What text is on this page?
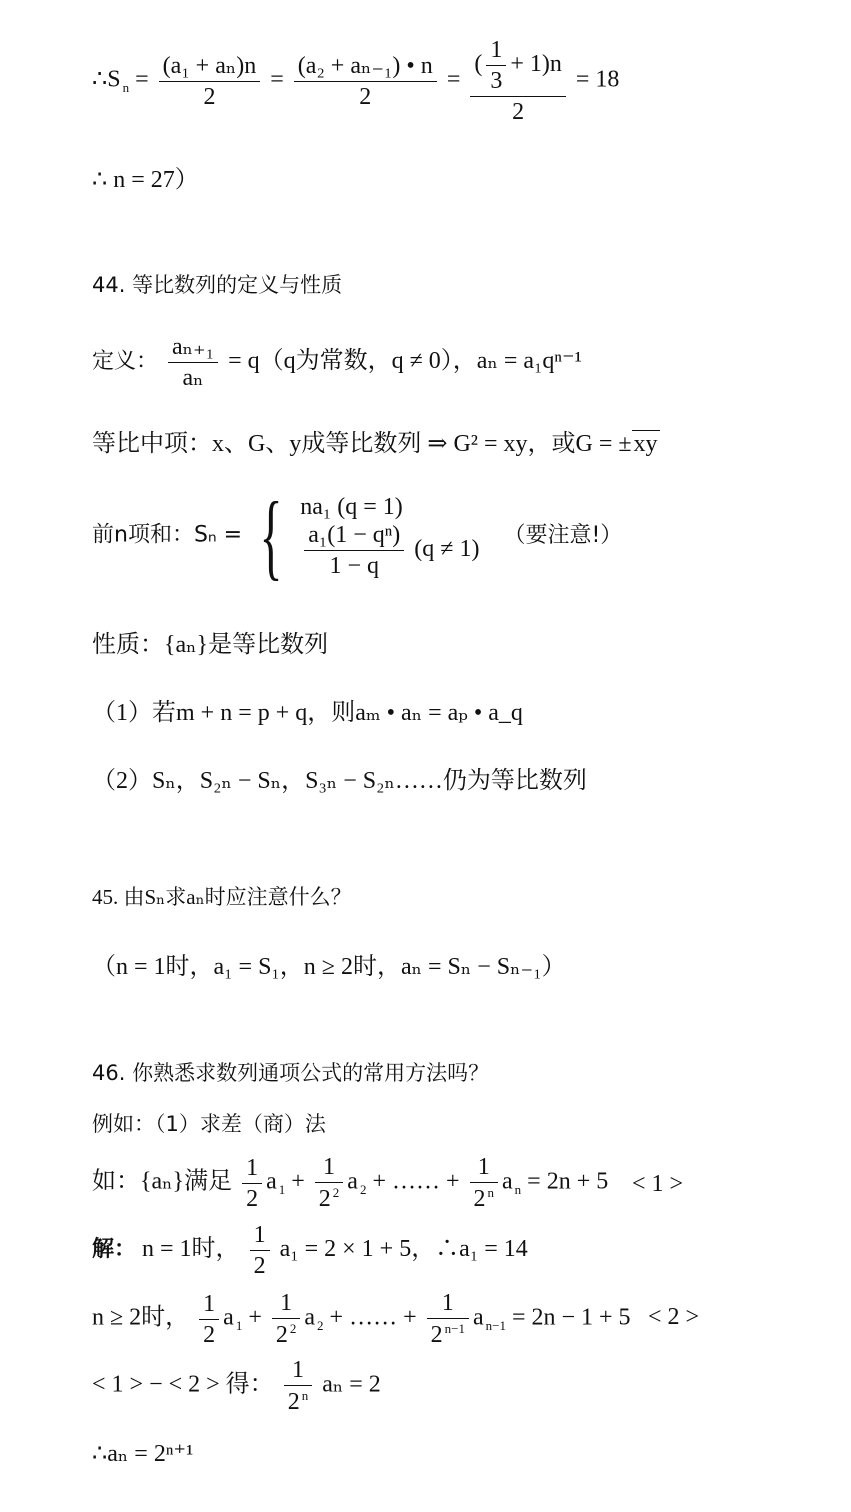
∴S $_n = \frac{\text{(a₁ + aₙ)n}}{2} = \frac{\text{(a₂ + aₙ₋₁) • n}}{2} = \frac{( \frac{1}{3} + 1)n}{2} = 18$
∴ n = 27）
44. 等比数列的定义与性质
定义： $\frac{\text{aₙ₊₁}}{\text{aₙ}} = q(q$为常数，q ≠ 0），aₙ = a₁qⁿ⁻¹
等比中项：x、G、y成等比数列 ⇒ G² = xy，或G = ±xy
前n项和：Sₙ = { na₁ (q = 1)
$\frac{\text{a₁(1 − qⁿ)}}{1 - q} (q \ne 1)$
（要注意!）
性质：{aₙ}是等比数列
（1）若m + n = p + q，则aₘ • aₙ = aₚ • a_q
（2）Sₙ，S₂ₙ − Sₙ，S₃ₙ − S₂ₙ……仍为等比数列
45. 由Sₙ求aₙ时应注意什么？
（n = 1时，a₁ = S₁，n ≥ 2时，aₙ = Sₙ − Sₙ₋₁）
46. 你熟悉求数列通项公式的常用方法吗？
例如：（1）求差（商）法
如：{aₙ}满足 $\frac{1}{2}$ a $_1 + \frac{1}{2 ^2}$ a $_2$ + …… + $\frac{1}{2 ^n}$ a $_n$ = 2n + 5 < 1 >
解： n = 1时， $\frac{1}{2} a_1 = 2 \times 1 + 5$，∴a₁ = 14
n ≥ 2时， $\frac{1}{2}$ a $_1 + \frac{1}{2 ^2}$ a $_2$ + …… + $\frac{1}{2 ^{n-1}}$ a $_{n-1}$ = 2n − 1 + 5 < 2 >
< 1 > − < 2 > 得： $\frac{1}{2 ^n}$ aₙ = 2
∴aₙ = 2ⁿ⁺¹
